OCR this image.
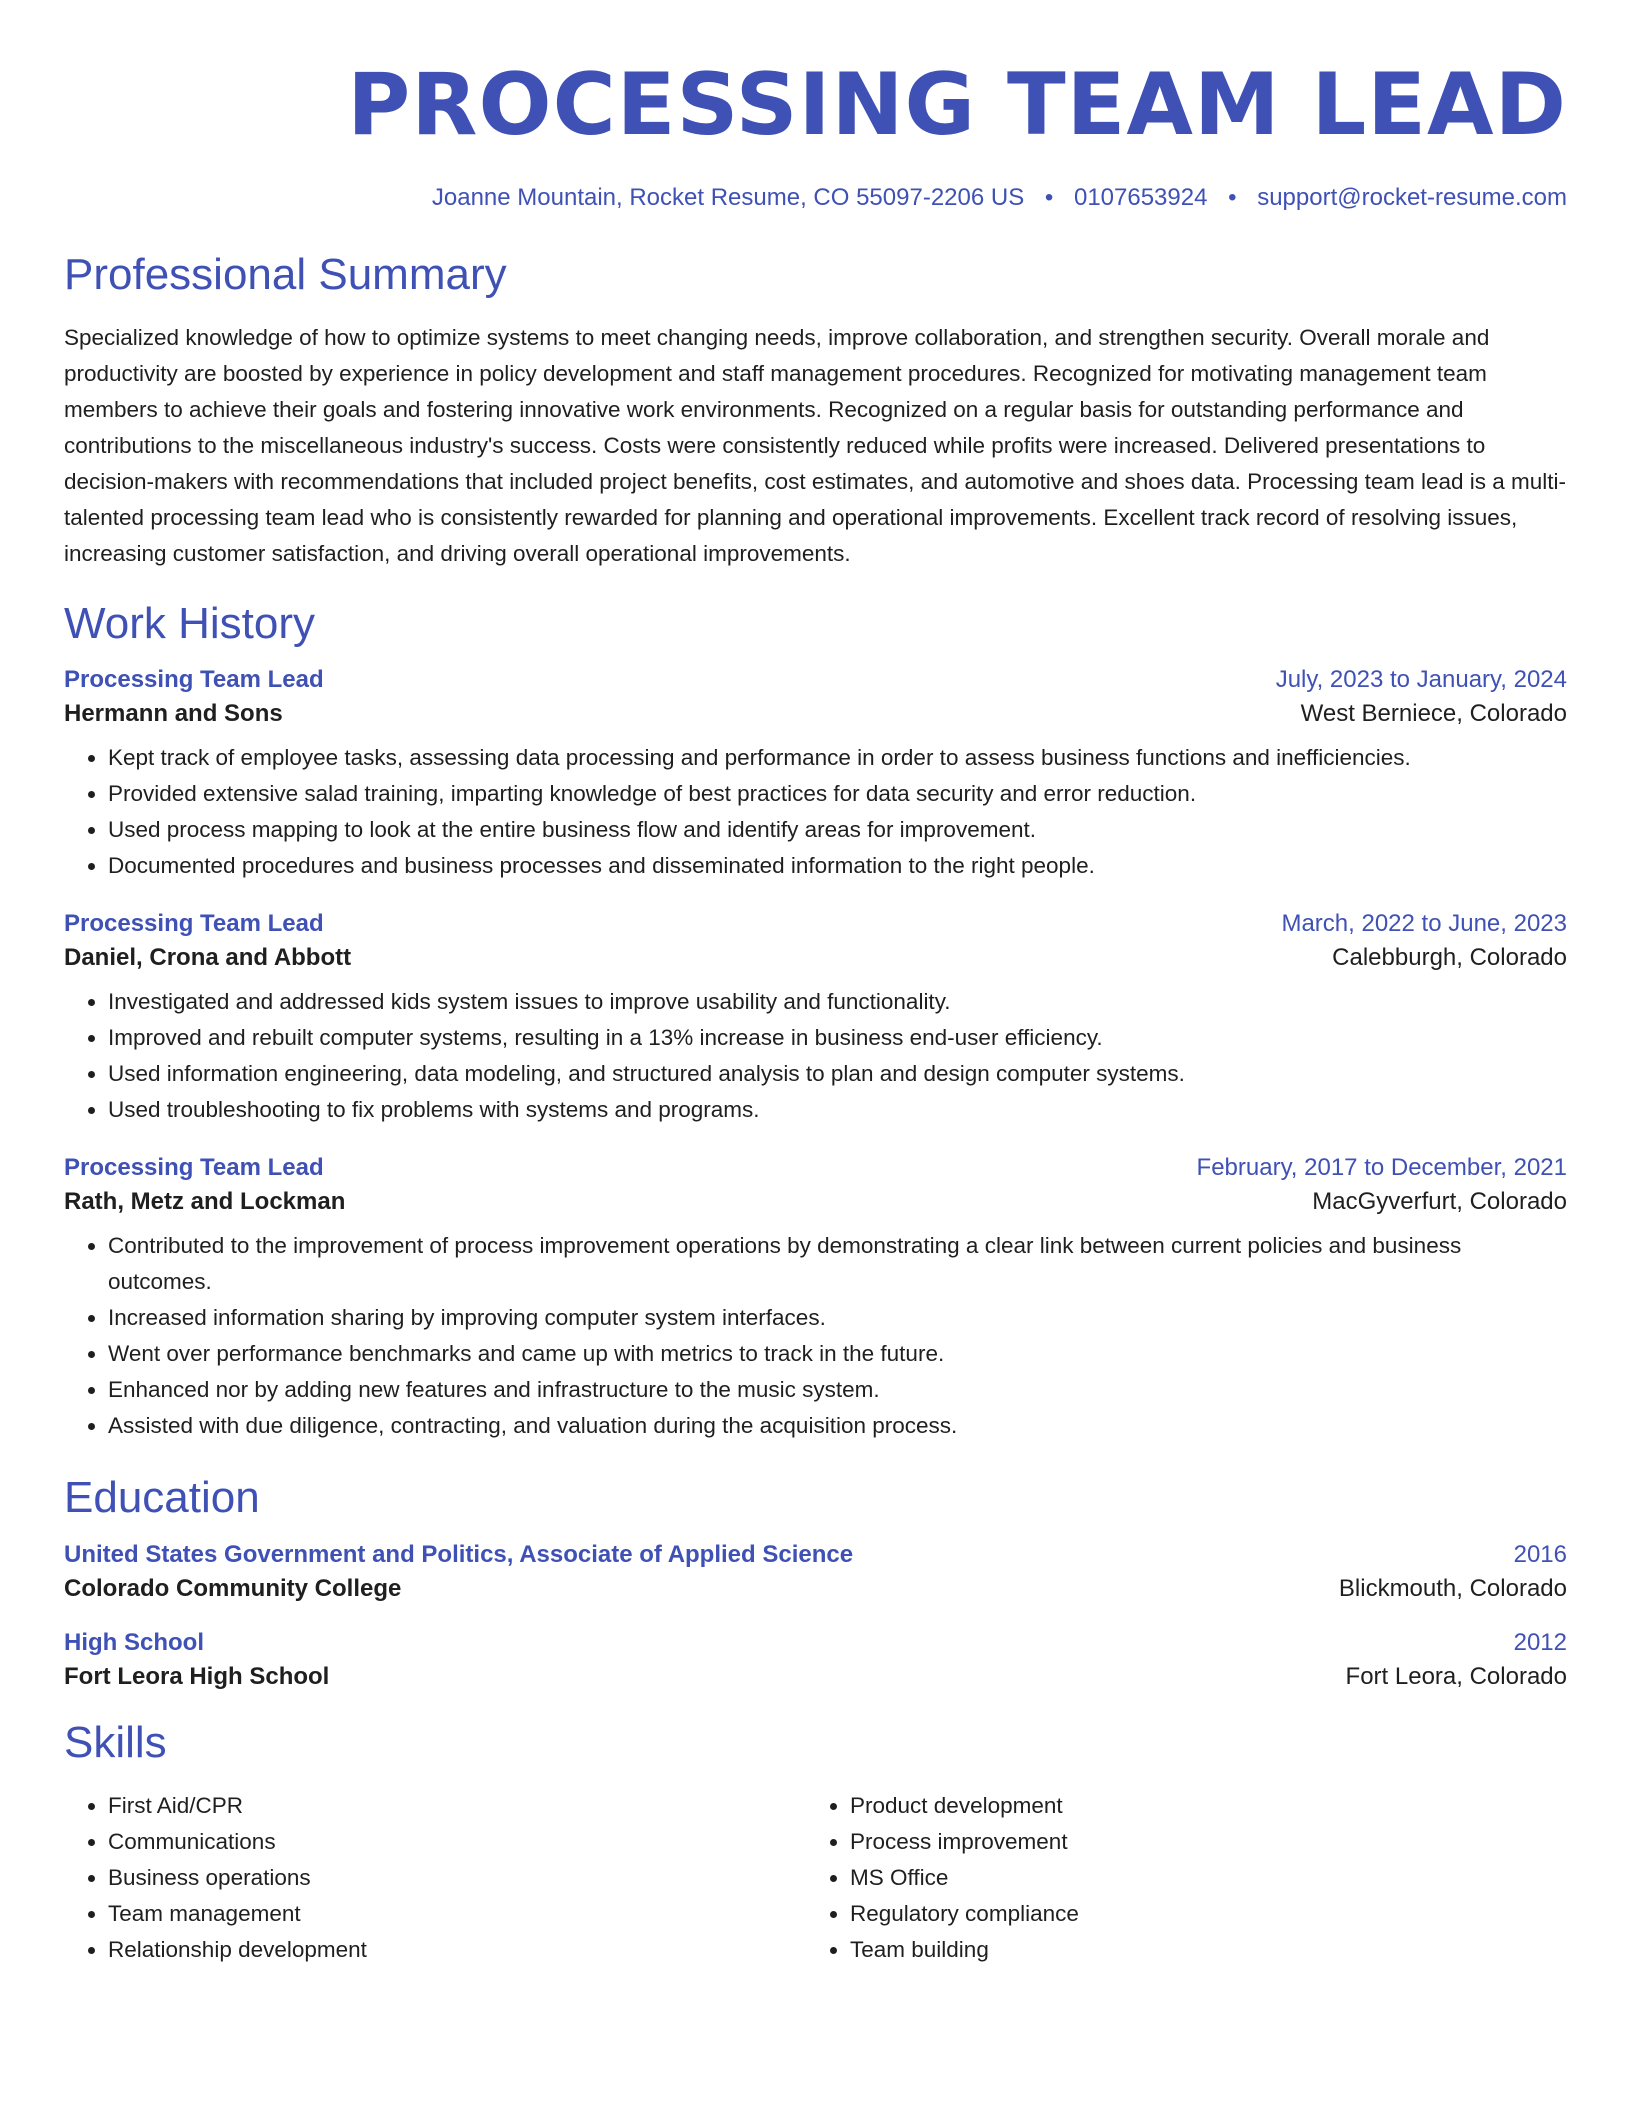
PROCESSING TEAM LEAD
Joanne Mountain, Rocket Resume, CO 55097-2206 US • 0107653924 • support@rocket-resume.com
Professional Summary
Specialized knowledge of how to optimize systems to meet changing needs, improve collaboration, and strengthen security. Overall morale and productivity are boosted by experience in policy development and staff management procedures. Recognized for motivating management team members to achieve their goals and fostering innovative work environments. Recognized on a regular basis for outstanding performance and contributions to the miscellaneous industry's success. Costs were consistently reduced while profits were increased. Delivered presentations to decision-makers with recommendations that included project benefits, cost estimates, and automotive and shoes data. Processing team lead is a multi-talented processing team lead who is consistently rewarded for planning and operational improvements. Excellent track record of resolving issues, increasing customer satisfaction, and driving overall operational improvements.
Work History
Processing Team Lead	July, 2023 to January, 2024
Hermann and Sons	West Berniece, Colorado
• Kept track of employee tasks, assessing data processing and performance in order to assess business functions and inefficiencies.
• Provided extensive salad training, imparting knowledge of best practices for data security and error reduction.
• Used process mapping to look at the entire business flow and identify areas for improvement.
• Documented procedures and business processes and disseminated information to the right people.
Processing Team Lead	March, 2022 to June, 2023
Daniel, Crona and Abbott	Calebburgh, Colorado
• Investigated and addressed kids system issues to improve usability and functionality.
• Improved and rebuilt computer systems, resulting in a 13% increase in business end-user efficiency.
• Used information engineering, data modeling, and structured analysis to plan and design computer systems.
• Used troubleshooting to fix problems with systems and programs.
Processing Team Lead	February, 2017 to December, 2021
Rath, Metz and Lockman	MacGyverfurt, Colorado
• Contributed to the improvement of process improvement operations by demonstrating a clear link between current policies and business outcomes.
• Increased information sharing by improving computer system interfaces.
• Went over performance benchmarks and came up with metrics to track in the future.
• Enhanced nor by adding new features and infrastructure to the music system.
• Assisted with due diligence, contracting, and valuation during the acquisition process.
Education
United States Government and Politics, Associate of Applied Science	2016
Colorado Community College	Blickmouth, Colorado
High School	2012
Fort Leora High School	Fort Leora, Colorado
Skills
• First Aid/CPR
• Communications
• Business operations
• Team management
• Relationship development
• Product development
• Process improvement
• MS Office
• Regulatory compliance
• Team building
